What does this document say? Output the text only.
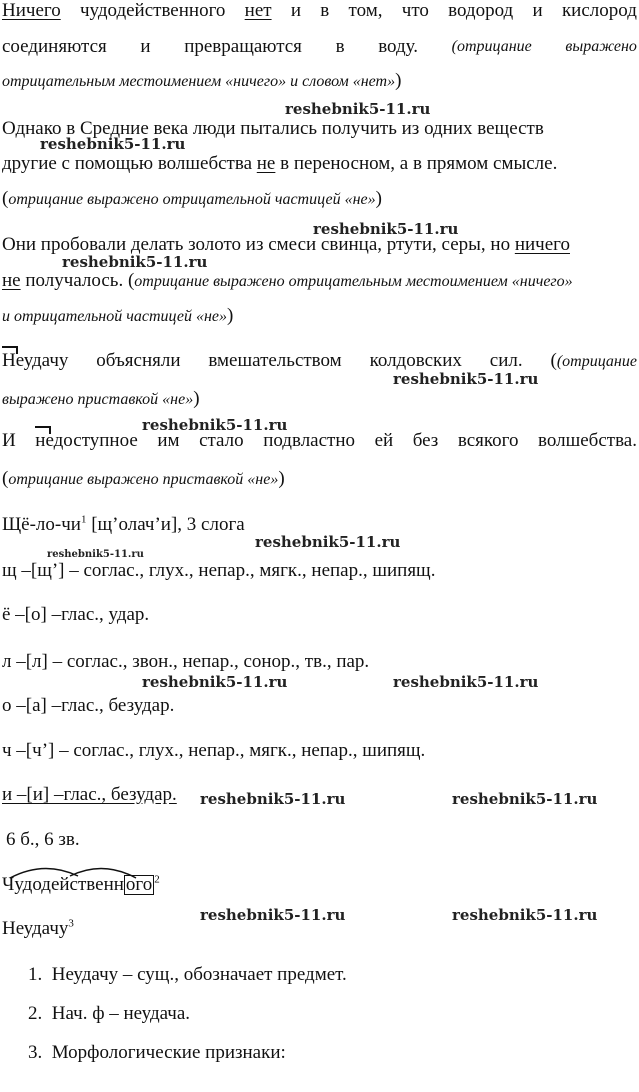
Ничего чудодейственного нет и в том, что водород и кислород
соединяются и превращаются в воду. (отрицание выражено
отрицательным местоимением «ничего» и словом «нет»)
Однако в Средние века люди пытались получить из одних веществ
другие с помощью волшебства не в переносном, а в прямом смысле.
(отрицание выражено отрицательной частицей «не»)
Они пробовали делать золото из смеси свинца, ртути, серы, но ничего
не получалось. (отрицание выражено отрицательным местоимением «ничего»
и отрицательной частицей «не»)
Неудачу объясняли вмешательством колдовских сил. ((отрицание
выражено приставкой «не»)
И недоступное им стало подвластно ей без всякого волшебства.
(отрицание выражено приставкой «не»)
$Щё-ло-чи^1$ [щ’олач’и], 3 слога
щ –[щ’] – соглас., глух., непар., мягк., непар., шипящ.
ё –[о] –глас., удар.
л –[л] – соглас., звон., непар., сонор., тв., пар.
о –[а] –глас., безудар.
ч –[ч’] – соглас., глух., непар., мягк., непар., шипящ.
и –[и] –глас., безудар.
6 б., 6 зв.
Чудодейственн ого $^2$
Неудачу$^3$
1. Неудачу – сущ., обозначает предмет.
2. Нач. ф – неудача.
3. Морфологические признаки:
reshebnik5-11.ru
reshebnik5-11.ru
reshebnik5-11.ru
reshebnik5-11.ru
reshebnik5-11.ru
reshebnik5-11.ru
reshebnik5-11.ru
reshebnik5-11.ru
reshebnik5-11.ru	reshebnik5-11.ru
reshebnik5-11.ru	reshebnik5-11.ru
reshebnik5-11.ru	reshebnik5-11.ru
